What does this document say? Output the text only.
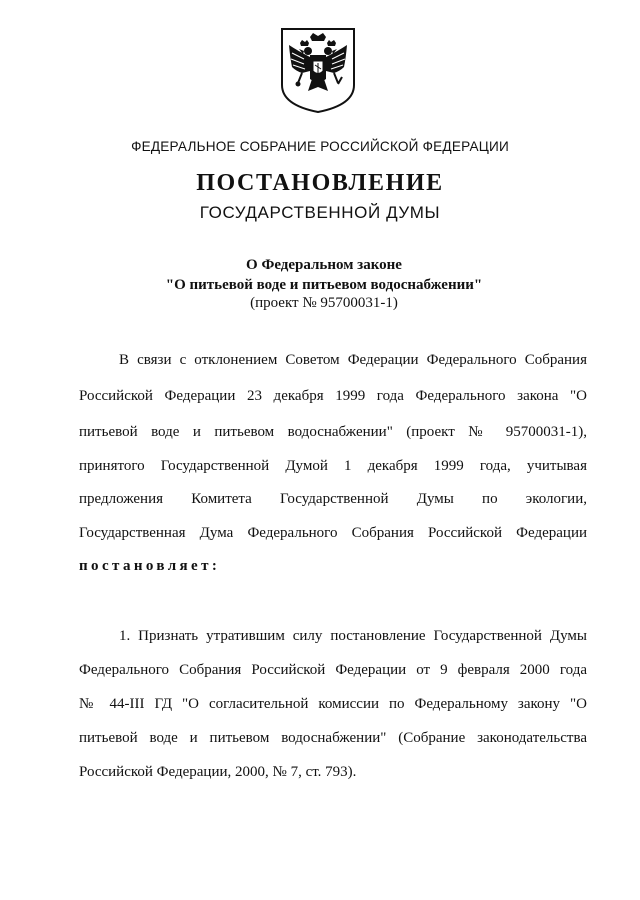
ФЕДЕРАЛЬНОЕ СОБРАНИЕ РОССИЙСКОЙ ФЕДЕРАЦИИ
ПОСТАНОВЛЕНИЕ
ГОСУДАРСТВЕННОЙ ДУМЫ
О Федеральном законе
"О питьевой воде и питьевом водоснабжении"
(проект № 95700031-1)
В связи с отклонением Советом Федерации Федерального Собрания
Российской Федерации 23 декабря 1999 года Федерального закона "О
питьевой воде и питьевом водоснабжении" (проект № 95700031-1),
принятого Государственной Думой 1 декабря 1999 года, учитывая
предложения Комитета Государственной Думы по экологии,
Государственная Дума Федерального Собрания Российской Федерации
постановляет:
1. Признать утратившим силу постановление Государственной Думы
Федерального Собрания Российской Федерации от 9 февраля 2000 года
№ 44-III ГД "О согласительной комиссии по Федеральному закону "О
питьевой воде и питьевом водоснабжении" (Собрание законодательства
Российской Федерации, 2000, № 7, ст. 793).
